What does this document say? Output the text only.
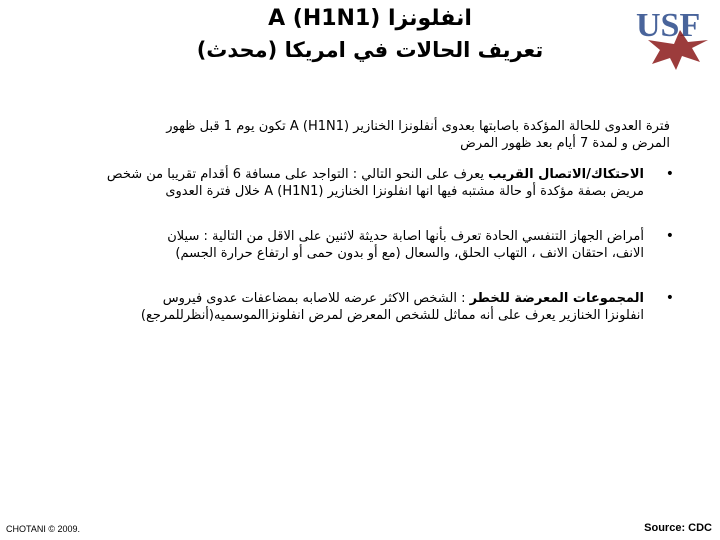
انفلونزا A (H1N1)
تعريف الحالات في امريكا (محدث)
USF
فترة العدوى للحالة المؤكدة باصابتها بعدوى أنفلونزا الخنازير A (H1N1) تكون يوم 1 قبل ظهور
المرض و لمدة 7 أيام بعد ظهور المرض
•
الاحتكاك/الاتصال القريب يعرف على النحو التالي : التواجد على مسافة 6 أقدام تقريبا من شخص
مريض بصفة مؤكدة أو حالة مشتبه فيها انها انفلونزا الخنازير A (H1N1) خلال فترة العدوى
•
أمراض الجهاز التنفسي الحادة تعرف بأنها اصابة حديثة لاثنين على الاقل من التالية : سيلان
الانف، احتقان الانف ، التهاب الحلق، والسعال (مع أو بدون حمى أو ارتفاع حرارة الجسم)
•
المجموعات المعرضة للخطر : الشخص الاكثر عرضه للاصابه بمضاعفات عدوى فيروس
انفلونزا الخنازير يعرف على أنه مماثل للشخص المعرض لمرض انفلونزاالموسميه(أنظرللمرجع)
CHOTANI © 2009.	Source: CDC
